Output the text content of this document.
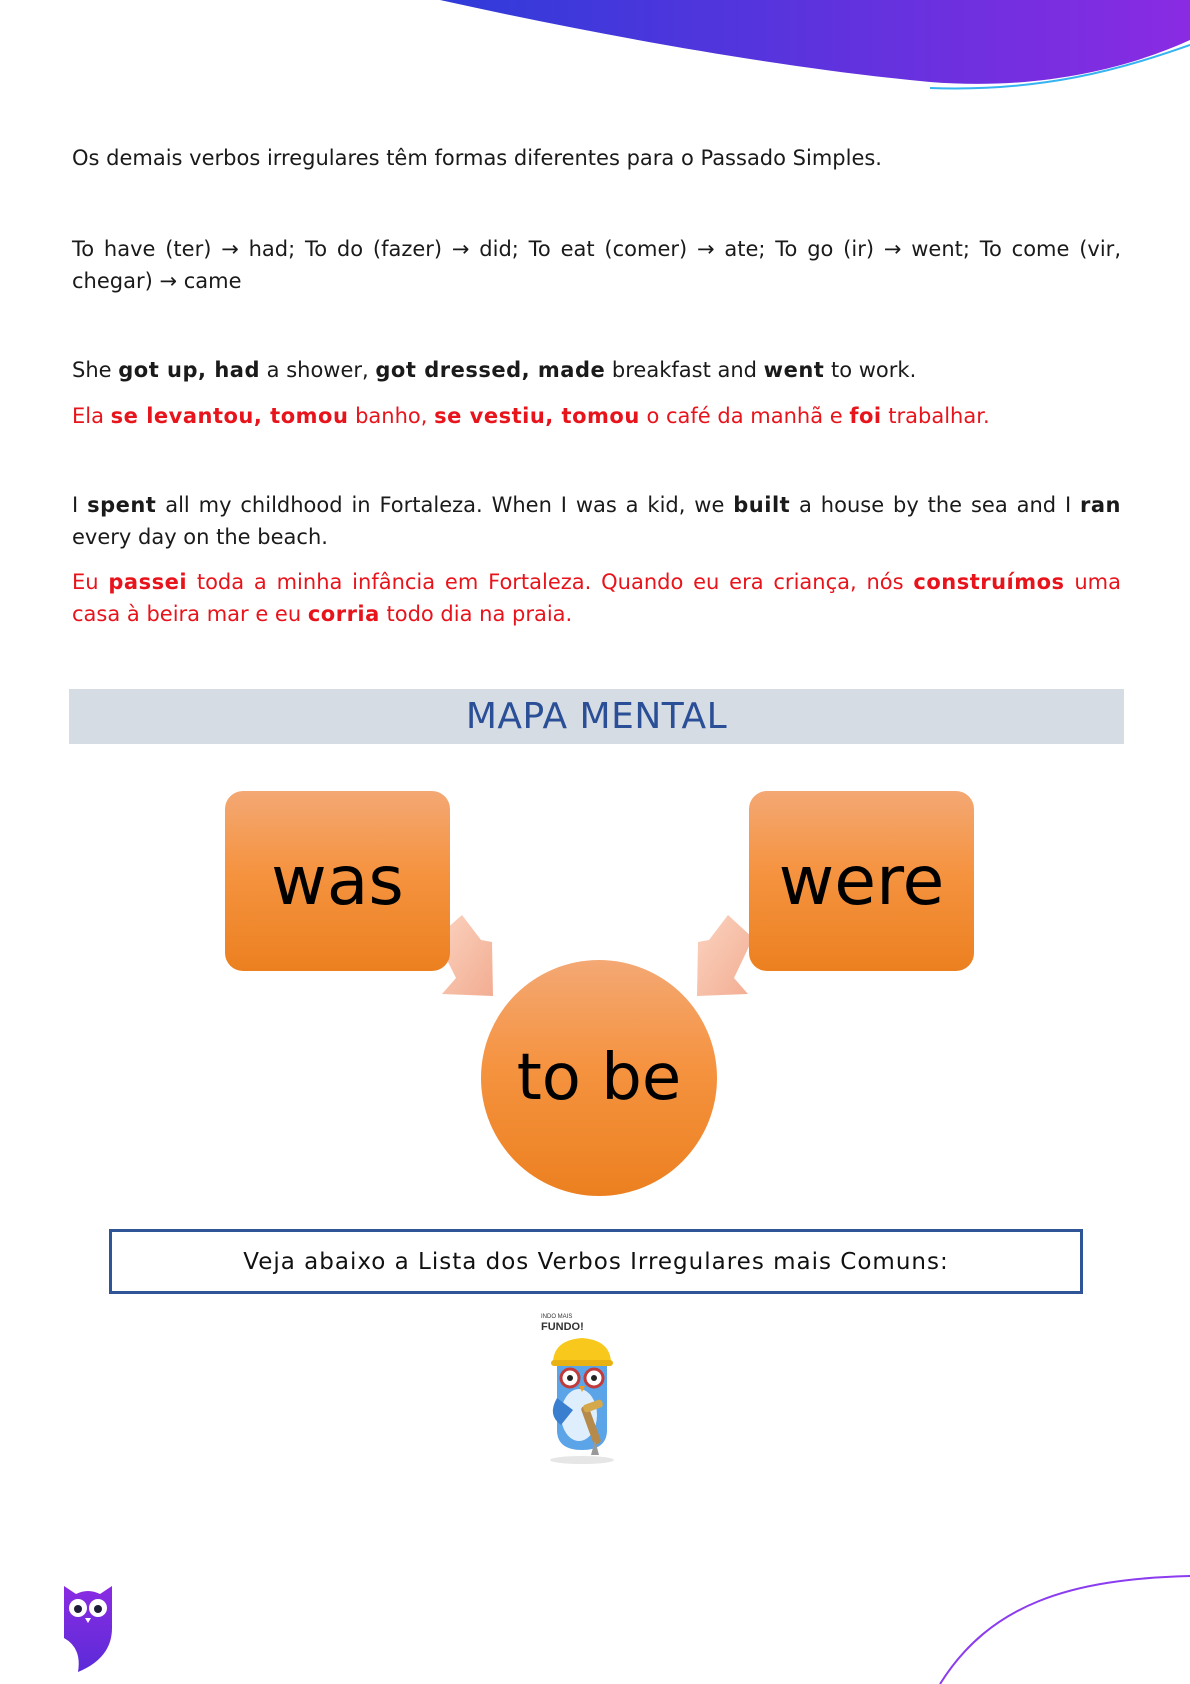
Os demais verbos irregulares têm formas diferentes para o Passado Simples.

To have (ter) → had; To do (fazer) → did; To eat (comer) → ate; To go (ir) → went; To come (vir, chegar) → came

She got up, had a shower, got dressed, made breakfast and went to work.

Ela se levantou, tomou banho, se vestiu, tomou o café da manhã e foi trabalhar.

I spent all my childhood in Fortaleza. When I was a kid, we built a house by the sea and I ran every day on the beach.

Eu passei toda a minha infância em Fortaleza. Quando eu era criança, nós construímos uma casa à beira mar e eu corria todo dia na praia.

MAPA MENTAL
was	were
to be
Veja abaixo a Lista dos Verbos Irregulares mais Comuns:
INDO MAIS
FUNDO!
